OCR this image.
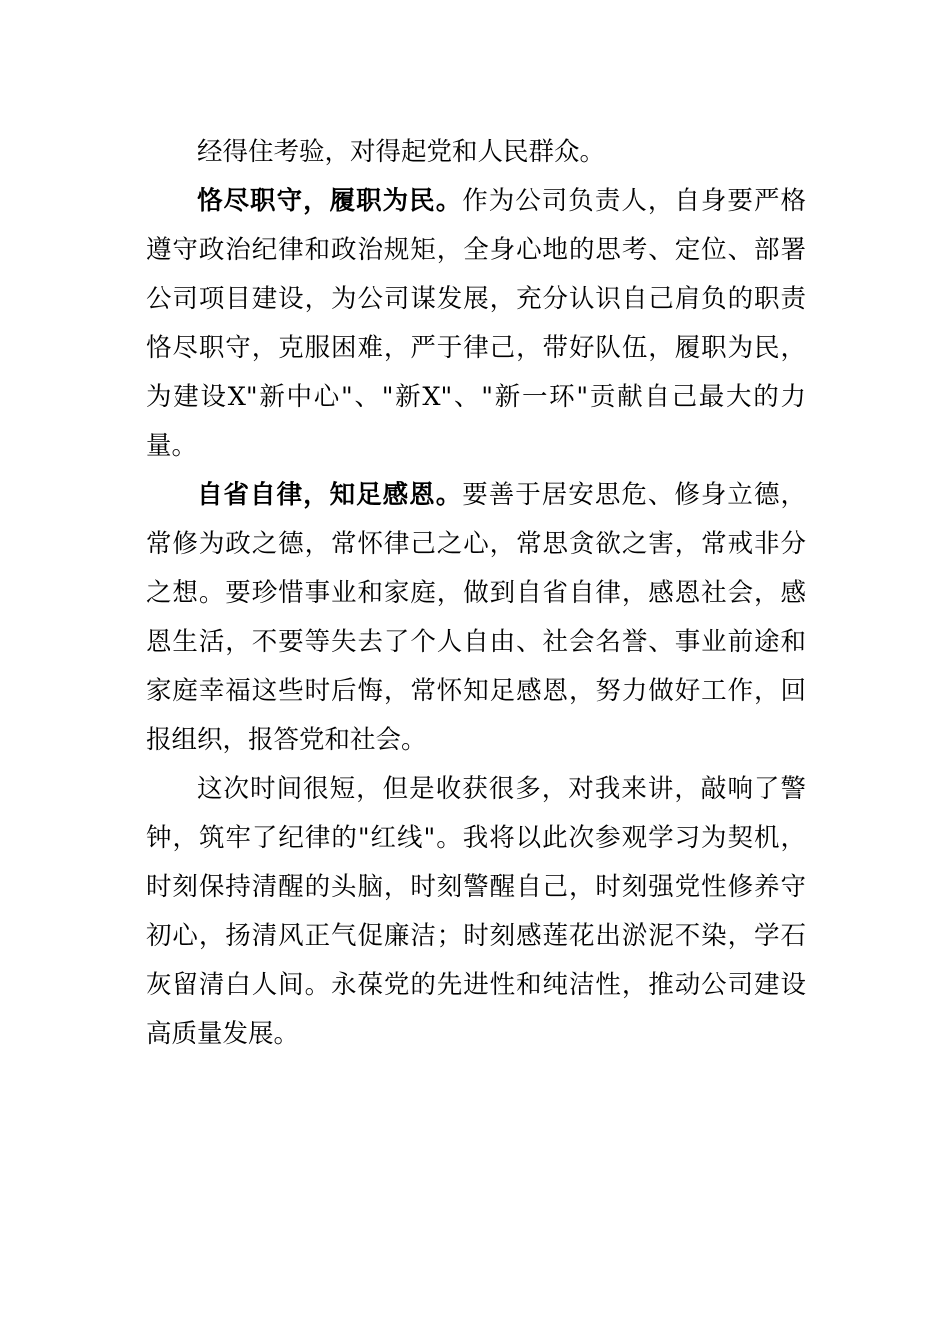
经得住考验，对得起党和人民群众。

恪尽职守，履职为民。作为公司负责人，自身要严格遵守政治纪律和政治规矩，全身心地的思考、定位、部署公司项目建设，为公司谋发展，充分认识自己肩负的职责恪尽职守，克服困难，严于律己，带好队伍，履职为民，为建设X"新中心"、"新X"、"新一环"贡献自己最大的力量。

自省自律，知足感恩。要善于居安思危、修身立德，常修为政之德，常怀律己之心，常思贪欲之害，常戒非分之想。要珍惜事业和家庭，做到自省自律，感恩社会，感恩生活，不要等失去了个人自由、社会名誉、事业前途和家庭幸福这些时后悔，常怀知足感恩，努力做好工作，回报组织，报答党和社会。

这次时间很短，但是收获很多，对我来讲，敲响了警钟，筑牢了纪律的"红线"。我将以此次参观学习为契机，时刻保持清醒的头脑，时刻警醒自己，时刻强党性修养守初心，扬清风正气促廉洁；时刻感莲花出淤泥不染，学石灰留清白人间。永葆党的先进性和纯洁性，推动公司建设高质量发展。
